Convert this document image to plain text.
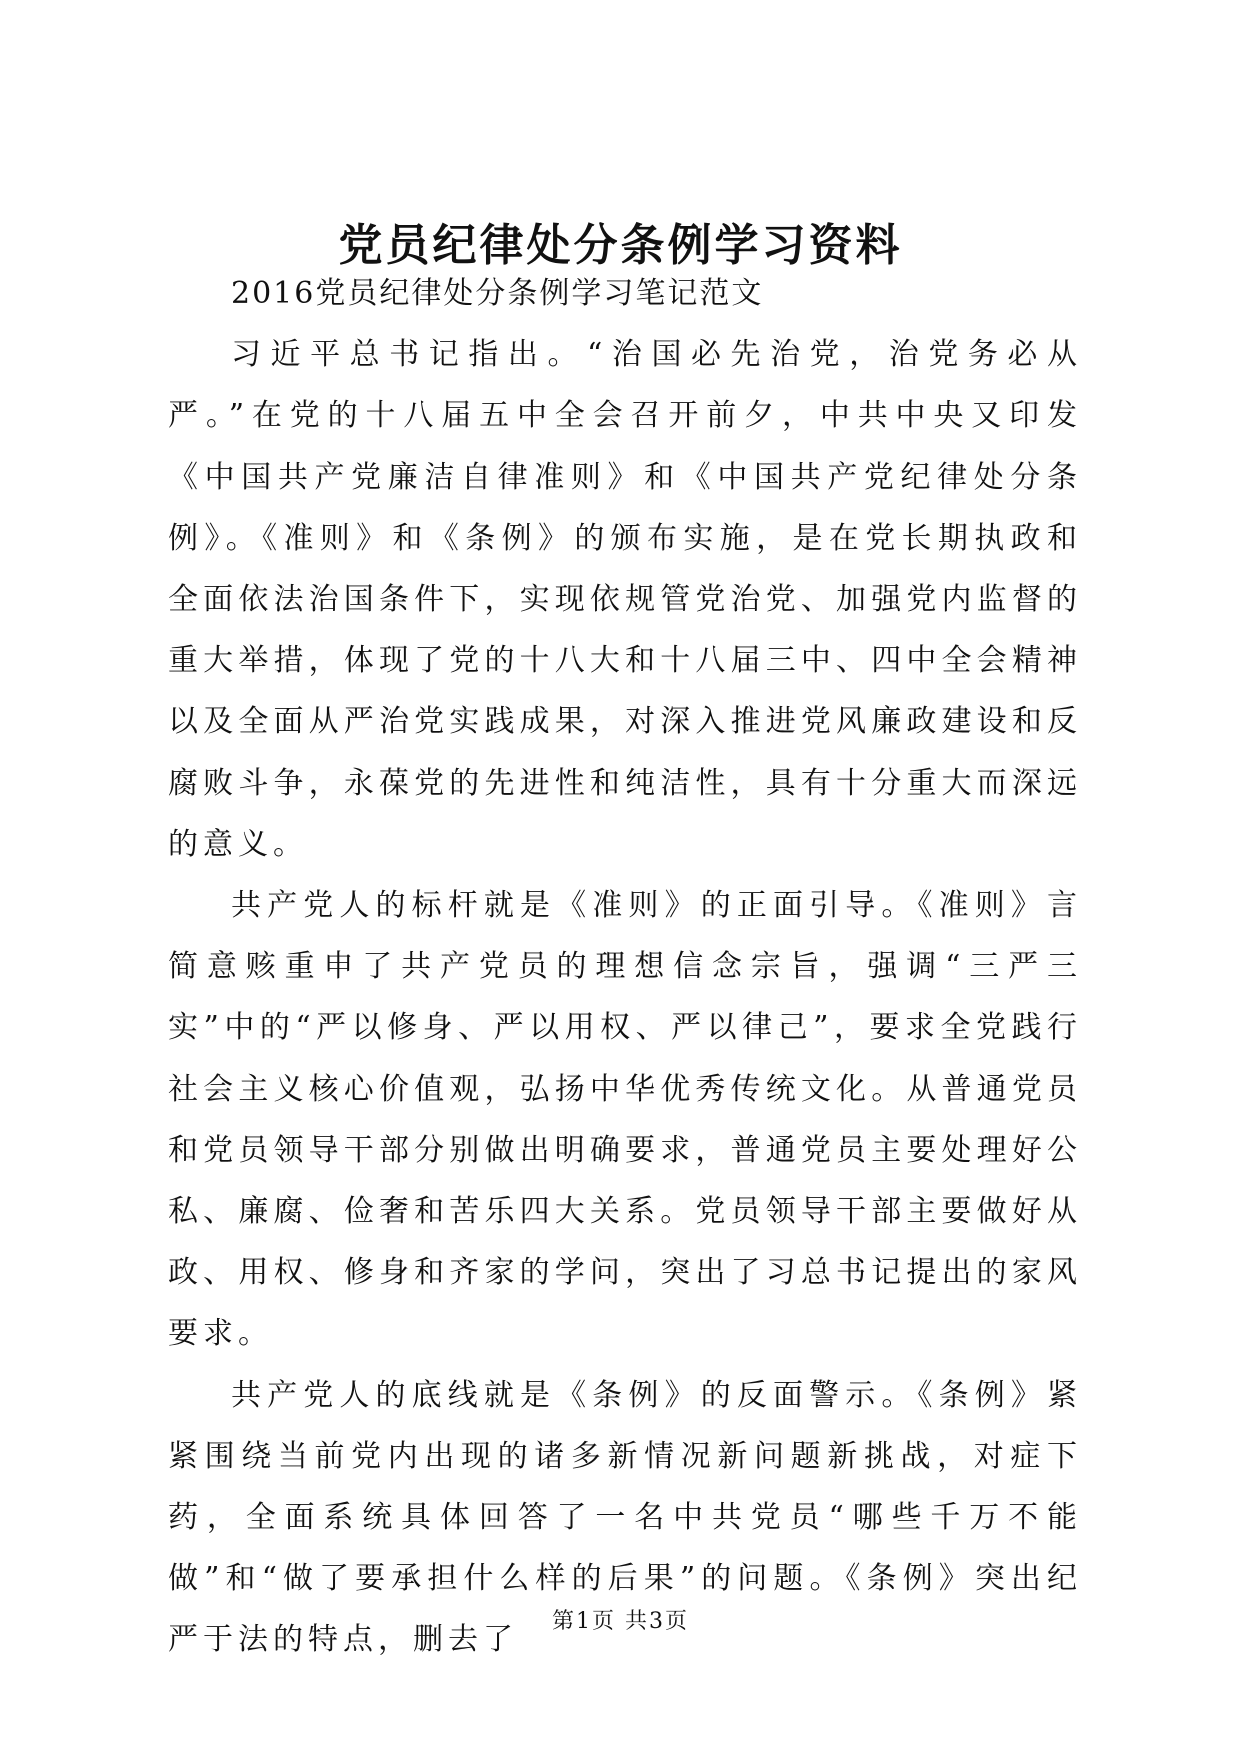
党员纪律处分条例学习资料

2016党员纪律处分条例学习笔记范文

习近平总书记指出。“治国必先治党，治党务必从严。”在党的十八届五中全会召开前夕，中共中央又印发《中国共产党廉洁自律准则》和《中国共产党纪律处分条例》。《准则》和《条例》的颁布实施，是在党长期执政和全面依法治国条件下，实现依规管党治党、加强党内监督的重大举措，体现了党的十八大和十八届三中、四中全会精神以及全面从严治党实践成果，对深入推进党风廉政建设和反腐败斗争，永葆党的先进性和纯洁性，具有十分重大而深远的意义。

共产党人的标杆就是《准则》的正面引导。《准则》言简意赅重申了共产党员的理想信念宗旨，强调“三严三实”中的“严以修身、严以用权、严以律己”，要求全党践行社会主义核心价值观，弘扬中华优秀传统文化。从普通党员和党员领导干部分别做出明确要求，普通党员主要处理好公私、廉腐、俭奢和苦乐四大关系。党员领导干部主要做好从政、用权、修身和齐家的学问，突出了习总书记提出的家风要求。

共产党人的底线就是《条例》的反面警示。《条例》紧紧围绕当前党内出现的诸多新情况新问题新挑战，对症下药，全面系统具体回答了一名中共党员“哪些千万不能做”和“做了要承担什么样的后果”的问题。《条例》突出纪严于法的特点，删去了

第1页 共3页
